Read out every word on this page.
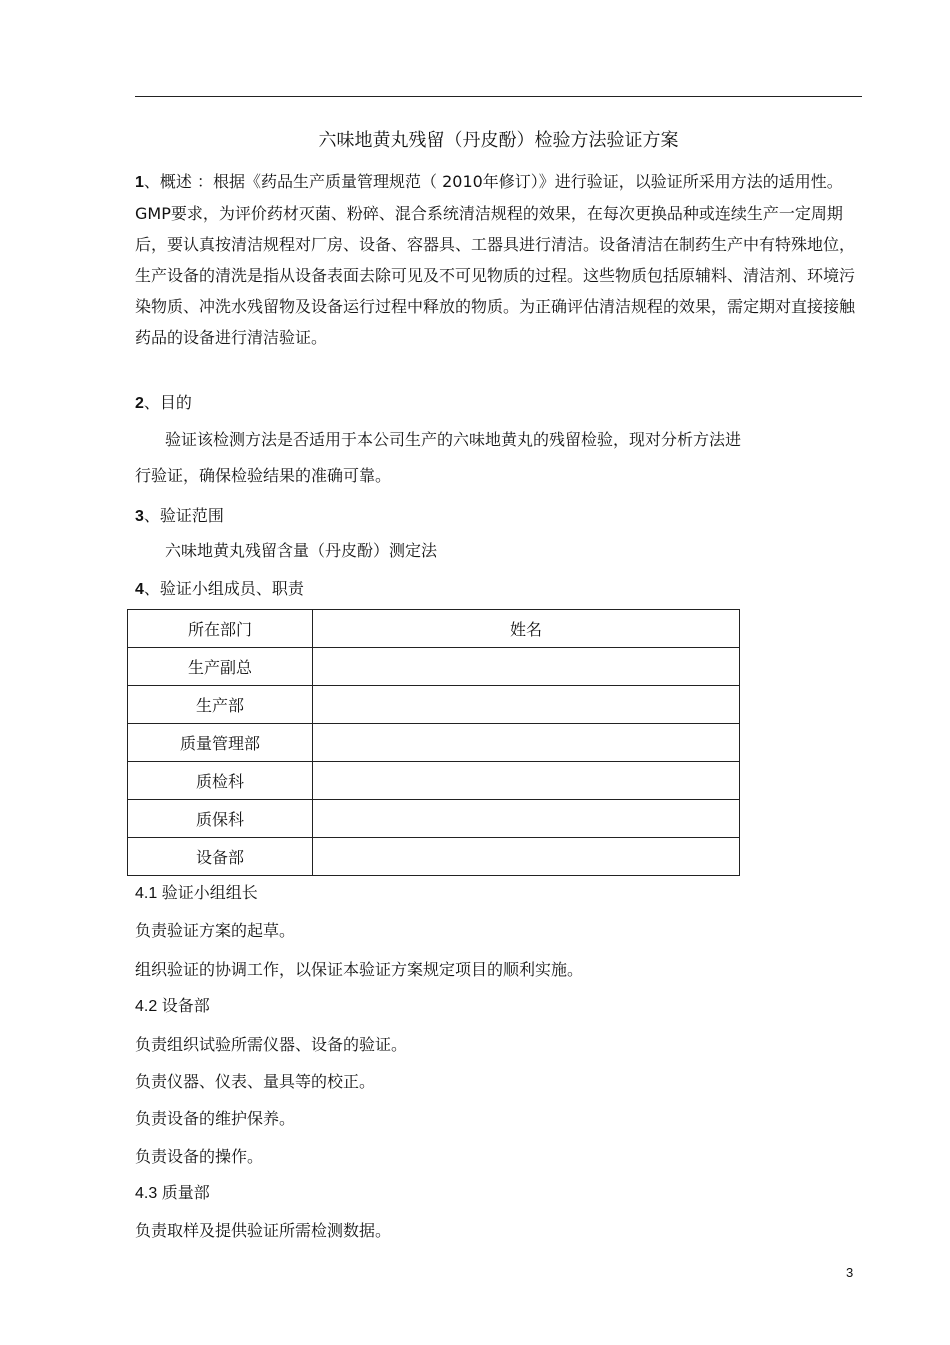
六味地黄丸残留（丹皮酚）检验方法验证方案
1、概述 ：根据《药品生产质量管理规范（ 2010年修订）》进行验证，以验证所采用方法的适用性。 GMP要求，为评价药材灭菌、粉碎、混合系统清洁规程的效果，在每次更换品种或连续生产一定周期后，要认真按清洁规程对厂房、设备、容器具、工器具进行清洁。设备清洁在制药生产中有特殊地位，生产设备的清洗是指从设备表面去除可见及不可见物质的过程。这些物质包括原辅料、清洁剂、环境污染物质、冲洗水残留物及设备运行过程中释放的物质。为正确评估清洁规程的效果，需定期对直接接触药品的设备进行清洁验证。
2、目的
验证该检测方法是否适用于本公司生产的六味地黄丸的残留检验，现对分析方法进
行验证，确保检验结果的准确可靠。
3、验证范围
六味地黄丸残留含量（丹皮酚）测定法
4、验证小组成员、职责
所在部门	姓名
生产副总	
生产部	
质量管理部	
质检科	
质保科	
设备部	
4.1 验证小组组长
负责验证方案的起草。
组织验证的协调工作，以保证本验证方案规定项目的顺利实施。
4.2 设备部
负责组织试验所需仪器、设备的验证。
负责仪器、仪表、量具等的校正。
负责设备的维护保养。
负责设备的操作。
4.3 质量部
负责取样及提供验证所需检测数据。
3
